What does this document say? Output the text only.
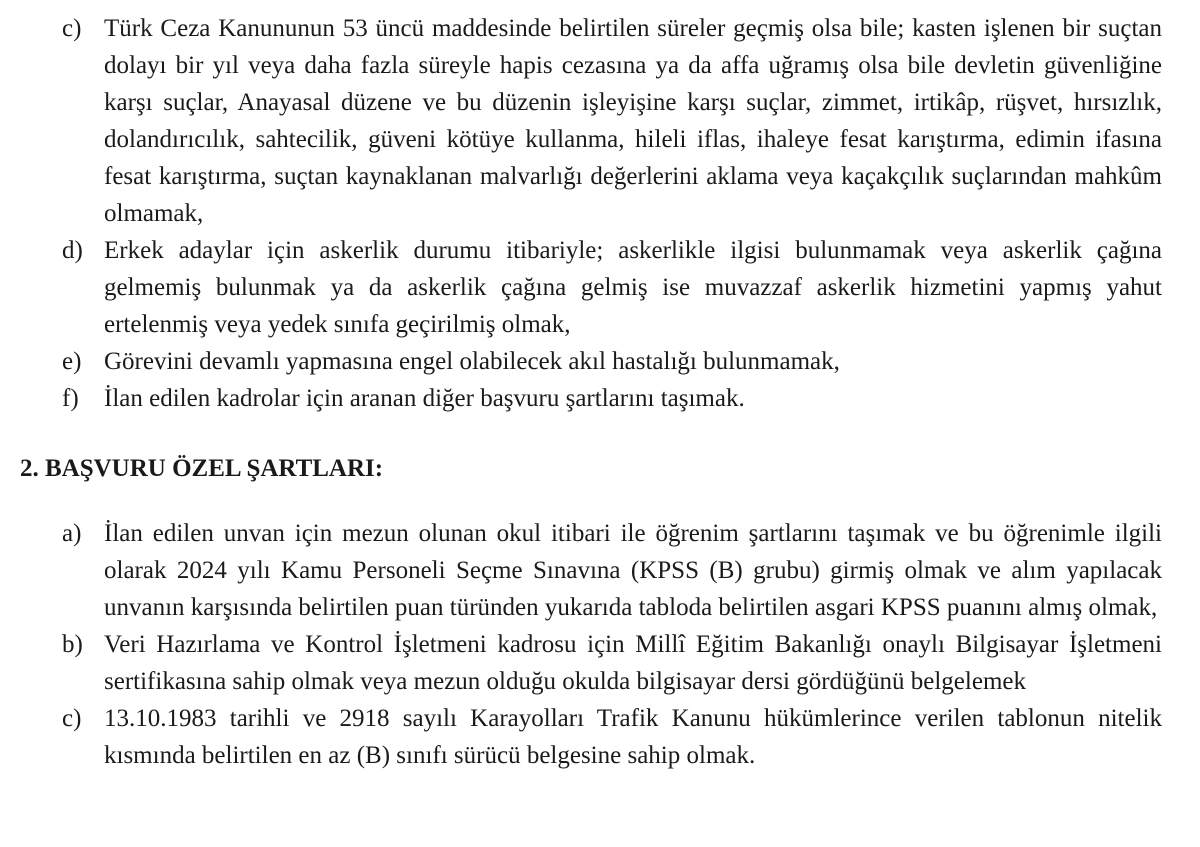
c) Türk Ceza Kanununun 53 üncü maddesinde belirtilen süreler geçmiş olsa bile; kasten işlenen bir suçtan dolayı bir yıl veya daha fazla süreyle hapis cezasına ya da affa uğramış olsa bile devletin güvenliğine karşı suçlar, Anayasal düzene ve bu düzenin işleyişine karşı suçlar, zimmet, irtikâp, rüşvet, hırsızlık, dolandırıcılık, sahtecilik, güveni kötüye kullanma, hileli iflas, ihaleye fesat karıştırma, edimin ifasına fesat karıştırma, suçtan kaynaklanan malvarlığı değerlerini aklama veya kaçakçılık suçlarından mahkûm olmamak,
d) Erkek adaylar için askerlik durumu itibariyle; askerlikle ilgisi bulunmamak veya askerlik çağına gelmemiş bulunmak ya da askerlik çağına gelmiş ise muvazzaf askerlik hizmetini yapmış yahut ertelenmiş veya yedek sınıfa geçirilmiş olmak,
e) Görevini devamlı yapmasına engel olabilecek akıl hastalığı bulunmamak,
f)	İlan edilen kadrolar için aranan diğer başvuru şartlarını taşımak.
2. BAŞVURU ÖZEL ŞARTLARI:
a) İlan edilen unvan için mezun olunan okul itibari ile öğrenim şartlarını taşımak ve bu öğrenimle ilgili olarak 2024 yılı Kamu Personeli Seçme Sınavına (KPSS (B) grubu) girmiş olmak ve alım yapılacak unvanın karşısında belirtilen puan türünden yukarıda tabloda belirtilen asgari KPSS puanını almış olmak,
b) Veri Hazırlama ve Kontrol İşletmeni kadrosu için Millî Eğitim Bakanlığı onaylı Bilgisayar İşletmeni sertifikasına sahip olmak veya mezun olduğu okulda bilgisayar dersi gördüğünü belgelemek
c) 13.10.1983 tarihli ve 2918 sayılı Karayolları Trafik Kanunu hükümlerince verilen tablonun nitelik kısmında belirtilen en az (B) sınıfı sürücü belgesine sahip olmak.
